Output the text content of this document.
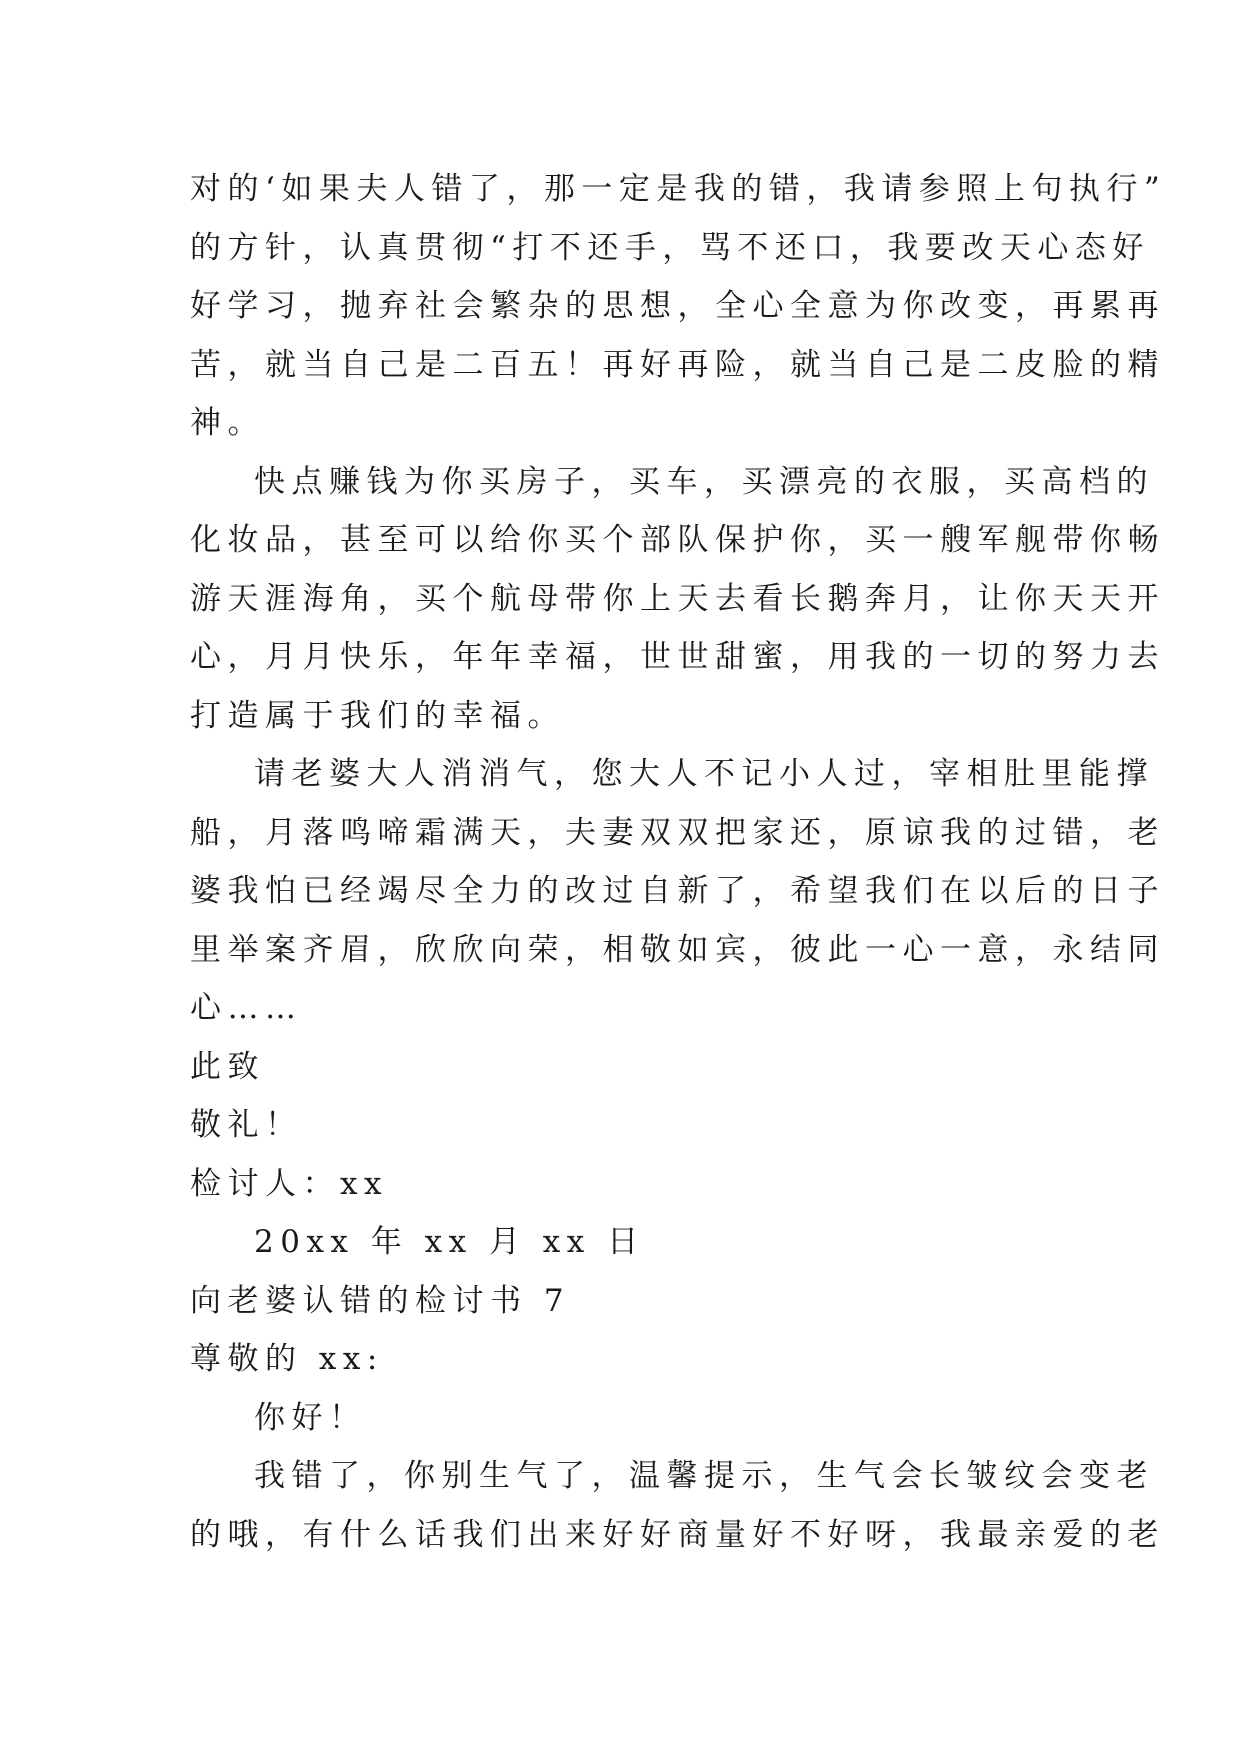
对的‘如果夫人错了，那一定是我的错，我请参照上句执行”
的方针，认真贯彻“打不还手，骂不还口，我要改天心态好
好学习，抛弃社会繁杂的思想，全心全意为你改变，再累再
苦，就当自己是二百五！再好再险，就当自己是二皮脸的精
神。
快点赚钱为你买房子，买车，买漂亮的衣服，买高档的
化妆品，甚至可以给你买个部队保护你，买一艘军舰带你畅
游天涯海角，买个航母带你上天去看长鹅奔月，让你天天开
心，月月快乐，年年幸福，世世甜蜜，用我的一切的努力去
打造属于我们的幸福。
请老婆大人消消气，您大人不记小人过，宰相肚里能撑
船，月落鸣啼霜满天，夫妻双双把家还，原谅我的过错，老
婆我怕已经竭尽全力的改过自新了，希望我们在以后的日子
里举案齐眉，欣欣向荣，相敬如宾，彼此一心一意，永结同
心……
此致
敬礼！
检讨人：xx
20xx 年 xx 月 xx 日
向老婆认错的检讨书 7
尊敬的 xx:
你好！
我错了，你别生气了，温馨提示，生气会长皱纹会变老
的哦，有什么话我们出来好好商量好不好呀，我最亲爱的老
